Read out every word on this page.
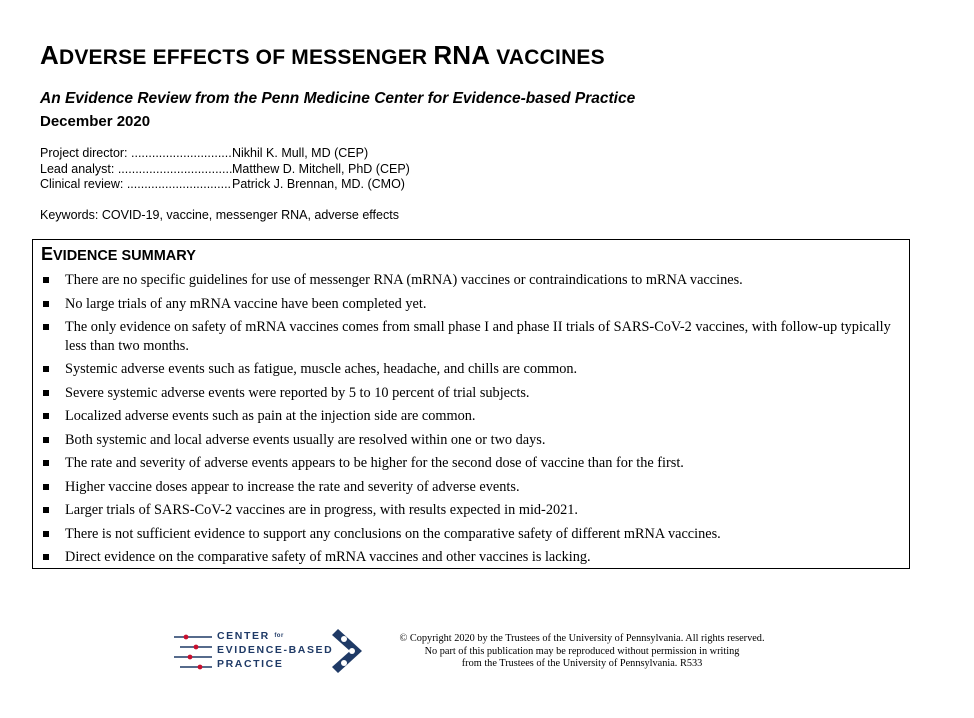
ADVERSE EFFECTS OF MESSENGER RNA VACCINES
An Evidence Review from the Penn Medicine Center for Evidence-based Practice
December 2020
Project director: .....	Nikhil K. Mull, MD (CEP)
Lead analyst: .....	Matthew D. Mitchell, PhD (CEP)
Clinical review: .....	Patrick J. Brennan, MD. (CMO)
Keywords: COVID-19, vaccine, messenger RNA, adverse effects
EVIDENCE SUMMARY
There are no specific guidelines for use of messenger RNA (mRNA) vaccines or contraindications to mRNA vaccines.
No large trials of any mRNA vaccine have been completed yet.
The only evidence on safety of mRNA vaccines comes from small phase I and phase II trials of SARS-CoV-2 vaccines, with follow-up typically less than two months.
Systemic adverse events such as fatigue, muscle aches, headache, and chills are common.
Severe systemic adverse events were reported by 5 to 10 percent of trial subjects.
Localized adverse events such as pain at the injection side are common.
Both systemic and local adverse events usually are resolved within one or two days.
The rate and severity of adverse events appears to be higher for the second dose of vaccine than for the first.
Higher vaccine doses appear to increase the rate and severity of adverse events.
Larger trials of SARS-CoV-2 vaccines are in progress, with results expected in mid-2021.
There is not sufficient evidence to support any conclusions on the comparative safety of different mRNA vaccines.
Direct evidence on the comparative safety of mRNA vaccines and other vaccines is lacking.
CENTER $^{for}$
EVIDENCE-BASED
PRACTICE
© Copyright 2020 by the Trustees of the University of Pennsylvania. All rights reserved.
No part of this publication may be reproduced without permission in writing
from the Trustees of the University of Pennsylvania. R533
